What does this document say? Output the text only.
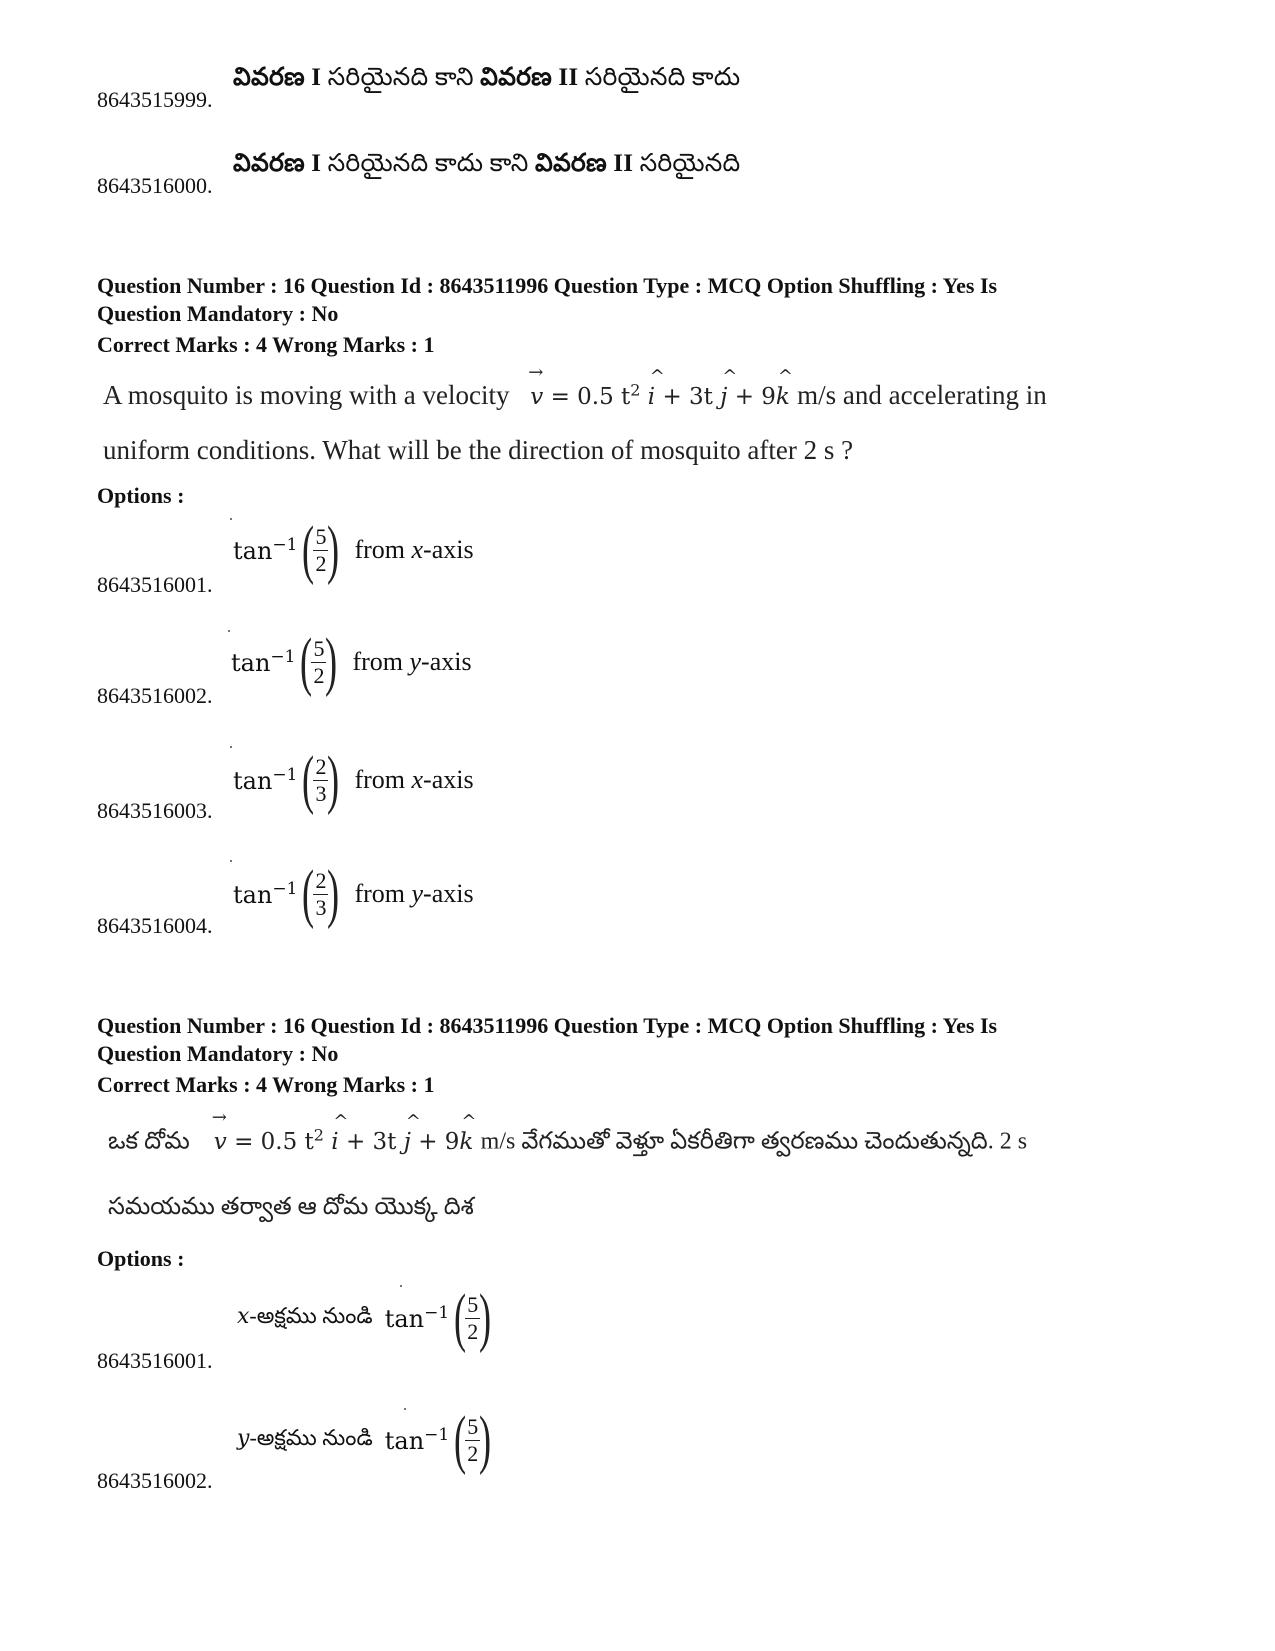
వివరణ I సరియైనది కాని వివరణ II సరియైనది కాదు
8643515999.
వివరణ I సరియైనది కాదు కాని వివరణ II సరియైనది
8643516000.
Question Number : 16 Question Id : 8643511996 Question Type : MCQ Option Shuffling : Yes Is
Question Mandatory : No
Correct Marks : 4 Wrong Marks : 1
A mosquito is moving with a velocity → v = 0.5 $t^2$ ^ i + 3t ^ j + 9^ k m/s and accelerating in
uniform conditions. What will be the direction of mosquito after 2 s ?
Options :
$\tan^{-1}$ ( 5
2 ) from x-axis
8643516001.
$\tan^{-1}$ ( 5
2 ) from y-axis
8643516002.
$\tan^{-1}$ ( 2
3 ) from x-axis
8643516003.
$\tan^{-1}$ ( 2
3 ) from y-axis
8643516004.
Question Number : 16 Question Id : 8643511996 Question Type : MCQ Option Shuffling : Yes Is
Question Mandatory : No
Correct Marks : 4 Wrong Marks : 1
ఒక దోమ → v = 0.5 $t^2$ ^ i + 3t ^ j + 9^ k m/s వేగముతో వెళ్తూ ఏకరీతిగా త్వరణము చెందుతున్నది. 2 s
సమయము తర్వాత ఆ దోమ యొక్క దిశ
Options :
x-అక్షము నుండి $\tan^{-1}$ ( 5
2 )
8643516001.
y-అక్షము నుండి $\tan^{-1}$ ( 5
2 )
8643516002.
